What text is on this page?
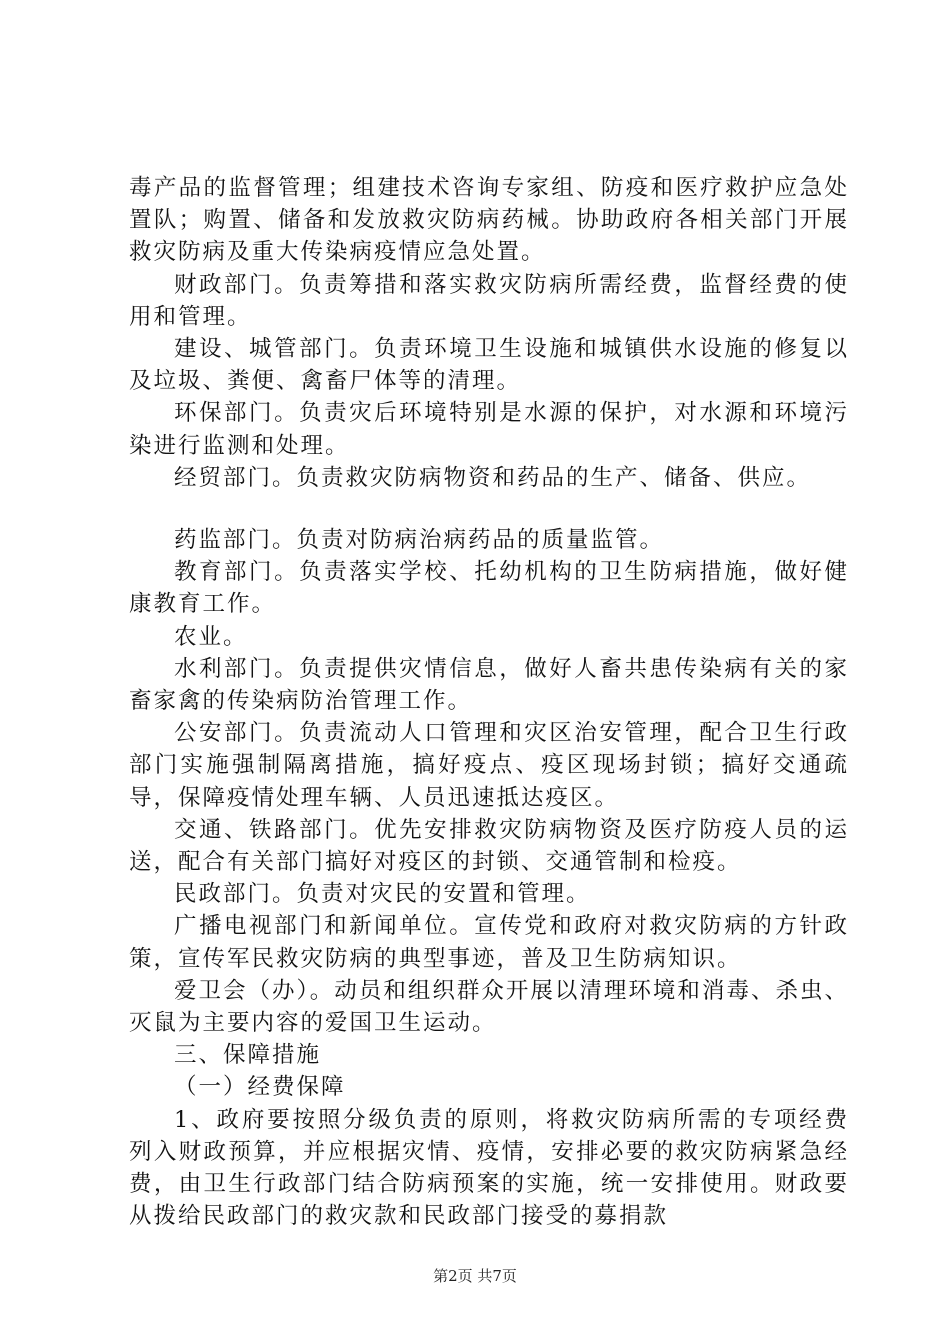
毒产品的监督管理；组建技术咨询专家组、防疫和医疗救护应急处置队；购置、储备和发放救灾防病药械。协助政府各相关部门开展救灾防病及重大传染病疫情应急处置。

财政部门。负责筹措和落实救灾防病所需经费，监督经费的使用和管理。

建设、城管部门。负责环境卫生设施和城镇供水设施的修复以及垃圾、粪便、禽畜尸体等的清理。

环保部门。负责灾后环境特别是水源的保护，对水源和环境污染进行监测和处理。

经贸部门。负责救灾防病物资和药品的生产、储备、供应。

药监部门。负责对防病治病药品的质量监管。

教育部门。负责落实学校、托幼机构的卫生防病措施，做好健康教育工作。

农业。

水利部门。负责提供灾情信息，做好人畜共患传染病有关的家畜家禽的传染病防治管理工作。

公安部门。负责流动人口管理和灾区治安管理，配合卫生行政部门实施强制隔离措施，搞好疫点、疫区现场封锁；搞好交通疏导，保障疫情处理车辆、人员迅速抵达疫区。

交通、铁路部门。优先安排救灾防病物资及医疗防疫人员的运送，配合有关部门搞好对疫区的封锁、交通管制和检疫。

民政部门。负责对灾民的安置和管理。

广播电视部门和新闻单位。宣传党和政府对救灾防病的方针政策，宣传军民救灾防病的典型事迹，普及卫生防病知识。

爱卫会（办）。动员和组织群众开展以清理环境和消毒、杀虫、灭鼠为主要内容的爱国卫生运动。

三、保障措施

（一）经费保障

1、政府要按照分级负责的原则，将救灾防病所需的专项经费列入财政预算，并应根据灾情、疫情，安排必要的救灾防病紧急经费，由卫生行政部门结合防病预案的实施，统一安排使用。财政要从拨给民政部门的救灾款和民政部门接受的募捐款

第2页 共7页
